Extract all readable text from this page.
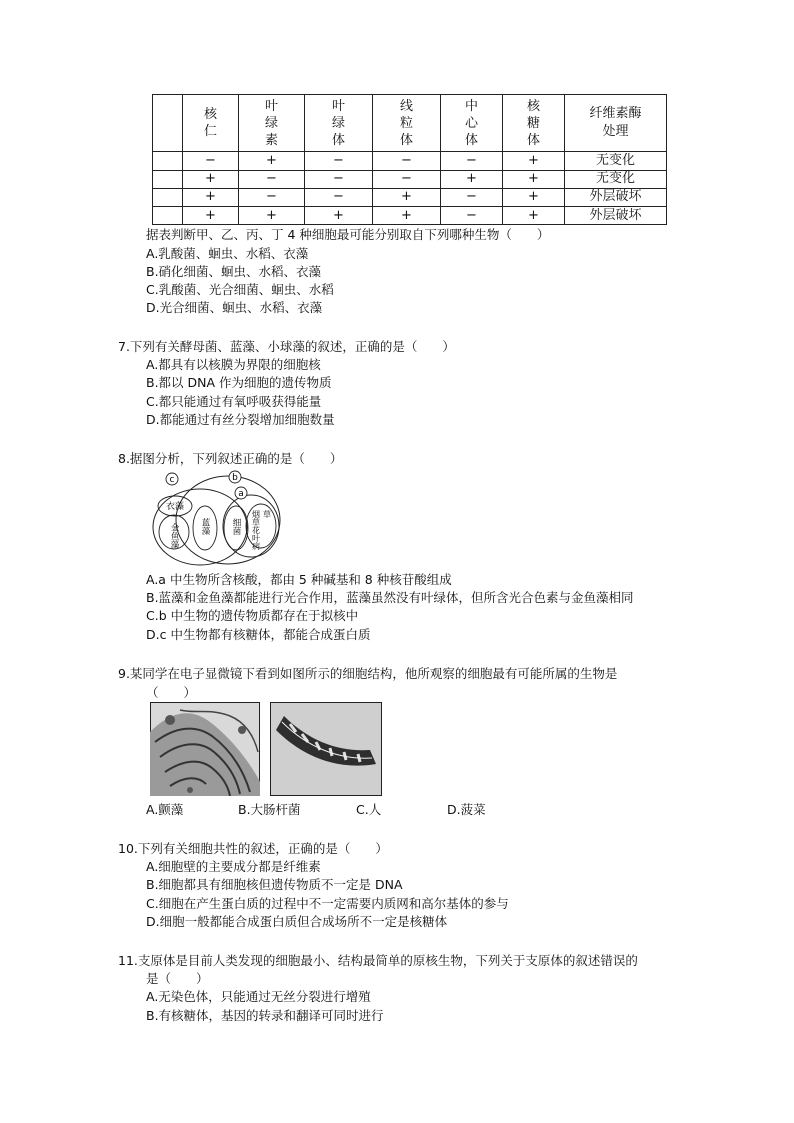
	核仁	叶绿素	叶绿体	线粒体	中心体	核糖体	纤维素酶处理
	−	+	−	−	−	+	无变化
	+	−	−	−	+	+	无变化
	+	−	−	+	−	+	外层破坏
	+	+	+	+	−	+	外层破坏
据表判断甲、乙、丙、丁 4 种细胞最可能分别取自下列哪种生物（　　）
A.乳酸菌、蛔虫、水稻、衣藻
B.硝化细菌、蛔虫、水稻、衣藻
C.乳酸菌、光合细菌、蛔虫、水稻
D.光合细菌、蛔虫、水稻、衣藻
7.下列有关酵母菌、蓝藻、小球藻的叙述，正确的是（　　）
A.都具有以核膜为界限的细胞核
B.都以 DNA 作为细胞的遗传物质
C.都只能通过有氧呼吸获得能量
D.都能通过有丝分裂增加细胞数量
8.据图分析，下列叙述正确的是（　　）
c	b
a
衣藻
金鱼藻 蓝藻 细菌 烟草花叶病 草
A.a 中生物所含核酸，都由 5 种碱基和 8 种核苷酸组成
B.蓝藻和金鱼藻都能进行光合作用，蓝藻虽然没有叶绿体，但所含光合色素与金鱼藻相同
C.b 中生物的遗传物质都存在于拟核中
D.c 中生物都有核糖体，都能合成蛋白质
9.某同学在电子显微镜下看到如图所示的细胞结构，他所观察的细胞最有可能所属的生物是
（　　）
A.颤藻	B.大肠杆菌	C.人	D.菠菜
10.下列有关细胞共性的叙述，正确的是（　　）
A.细胞壁的主要成分都是纤维素
B.细胞都具有细胞核但遗传物质不一定是 DNA
C.细胞在产生蛋白质的过程中不一定需要内质网和高尔基体的参与
D.细胞一般都能合成蛋白质但合成场所不一定是核糖体
11.支原体是目前人类发现的细胞最小、结构最简单的原核生物，下列关于支原体的叙述错误的
是（　　）
A.无染色体，只能通过无丝分裂进行增殖
B.有核糖体，基因的转录和翻译可同时进行
